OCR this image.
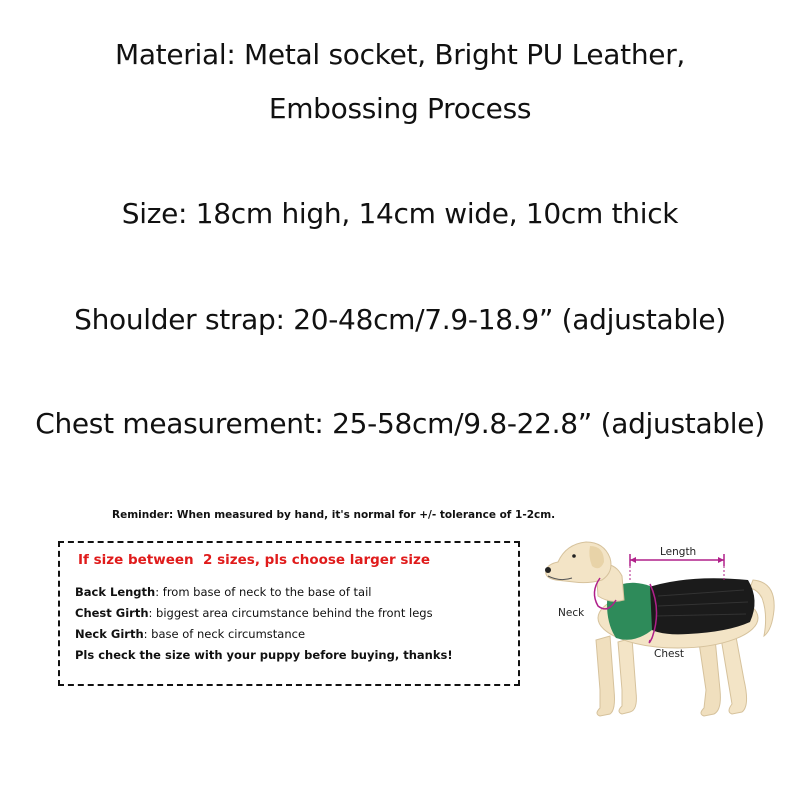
Material: Metal socket, Bright PU Leather,
Embossing Process
Size: 18cm high, 14cm wide, 10cm thick
Shoulder strap: 20-48cm/7.9-18.9” (adjustable)
Chest measurement: 25-58cm/9.8-22.8” (adjustable)
Reminder: When measured by hand, it's normal for +/- tolerance of 1-2cm.
If size between  2 sizes, pls choose larger size
Back Length: from base of neck to the base of tail
Chest Girth: biggest area circumstance behind the front legs
Neck Girth: base of neck circumstance
Pls check the size with your puppy before buying, thanks!
Length
Neck
Chest
